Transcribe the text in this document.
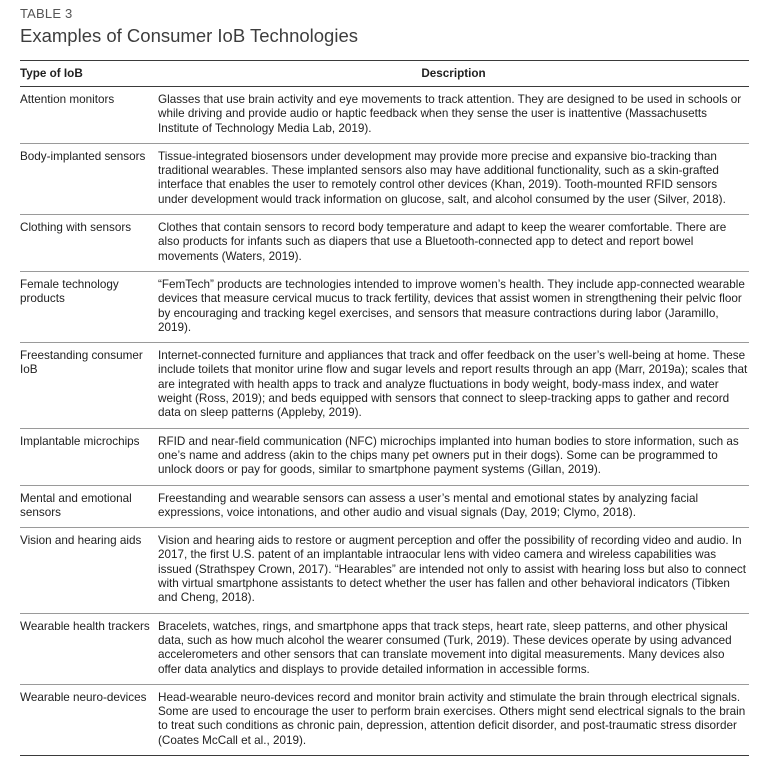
TABLE 3
Examples of Consumer IoB Technologies
Type of IoB	Description
Attention monitors	Glasses that use brain activity and eye movements to track attention. They are designed to be used in schools or while driving and provide audio or haptic feedback when they sense the user is inattentive (Massachusetts Institute of Technology Media Lab, 2019).
Body-implanted sensors	Tissue-integrated biosensors under development may provide more precise and expansive bio-tracking than traditional wearables. These implanted sensors also may have additional functionality, such as a skin-grafted interface that enables the user to remotely control other devices (Khan, 2019). Tooth-mounted RFID sensors under development would track information on glucose, salt, and alcohol consumed by the user (Silver, 2018).
Clothing with sensors	Clothes that contain sensors to record body temperature and adapt to keep the wearer comfortable. There are also products for infants such as diapers that use a Bluetooth-connected app to detect and report bowel movements (Waters, 2019).
Female technology products	“FemTech” products are technologies intended to improve women’s health. They include app-connected wearable devices that measure cervical mucus to track fertility, devices that assist women in strengthening their pelvic floor by encouraging and tracking kegel exercises, and sensors that measure contractions during labor (Jaramillo, 2019).
Freestanding consumer IoB	Internet-connected furniture and appliances that track and offer feedback on the user’s well-being at home. These include toilets that monitor urine flow and sugar levels and report results through an app (Marr, 2019a); scales that are integrated with health apps to track and analyze fluctuations in body weight, body-mass index, and water weight (Ross, 2019); and beds equipped with sensors that connect to sleep-tracking apps to gather and record data on sleep patterns (Appleby, 2019).
Implantable microchips	RFID and near-field communication (NFC) microchips implanted into human bodies to store information, such as one’s name and address (akin to the chips many pet owners put in their dogs). Some can be programmed to unlock doors or pay for goods, similar to smartphone payment systems (Gillan, 2019).
Mental and emotional sensors	Freestanding and wearable sensors can assess a user’s mental and emotional states by analyzing facial expressions, voice intonations, and other audio and visual signals (Day, 2019; Clymo, 2018).
Vision and hearing aids	Vision and hearing aids to restore or augment perception and offer the possibility of recording video and audio. In 2017, the first U.S. patent of an implantable intraocular lens with video camera and wireless capabilities was issued (Strathspey Crown, 2017). “Hearables” are intended not only to assist with hearing loss but also to connect with virtual smartphone assistants to detect whether the user has fallen and other behavioral indicators (Tibken and Cheng, 2018).
Wearable health trackers	Bracelets, watches, rings, and smartphone apps that track steps, heart rate, sleep patterns, and other physical data, such as how much alcohol the wearer consumed (Turk, 2019). These devices operate by using advanced accelerometers and other sensors that can translate movement into digital measurements. Many devices also offer data analytics and displays to provide detailed information in accessible forms.
Wearable neuro-devices	Head-wearable neuro-devices record and monitor brain activity and stimulate the brain through electrical signals. Some are used to encourage the user to perform brain exercises. Others might send electrical signals to the brain to treat such conditions as chronic pain, depression, attention deficit disorder, and post-traumatic stress disorder (Coates McCall et al., 2019).
